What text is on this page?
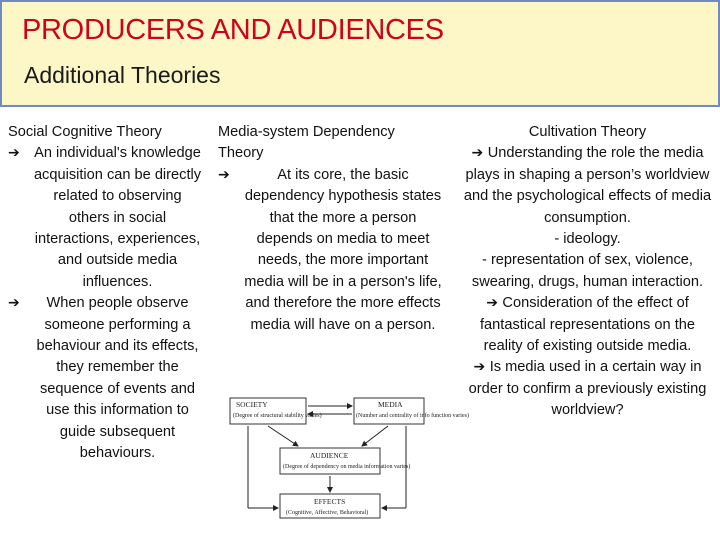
PRODUCERS AND AUDIENCES
Additional Theories
Social Cognitive Theory
➔ An individual's knowledge acquisition can be directly related to observing others in social interactions, experiences, and outside media influences.
➔	When people observe someone performing a behaviour and its effects, they remember the sequence of events and use this information to guide subsequent behaviours.
Media-system Dependency Theory
➔	At its core, the basic dependency hypothesis states that the more a person depends on media to meet needs, the more important media will be in a person's life, and therefore the more effects media will have on a person.
SOCIETY
(Degree of structural stability varies)
MEDIA
(Number and centrality of info function varies)
AUDIENCE
(Degree of dependency on media information varies)
EFFECTS
(Cognitive, Affective, Behavioral)
Cultivation Theory
➔ Understanding the role the media plays in shaping a person’s worldview and the psychological effects of media consumption.
- ideology.
- representation of sex, violence, swearing, drugs, human interaction.
➔ Consideration of the effect of fantastical representations on the reality of existing outside media.
➔ Is media used in a certain way in order to confirm a previously existing worldview?
